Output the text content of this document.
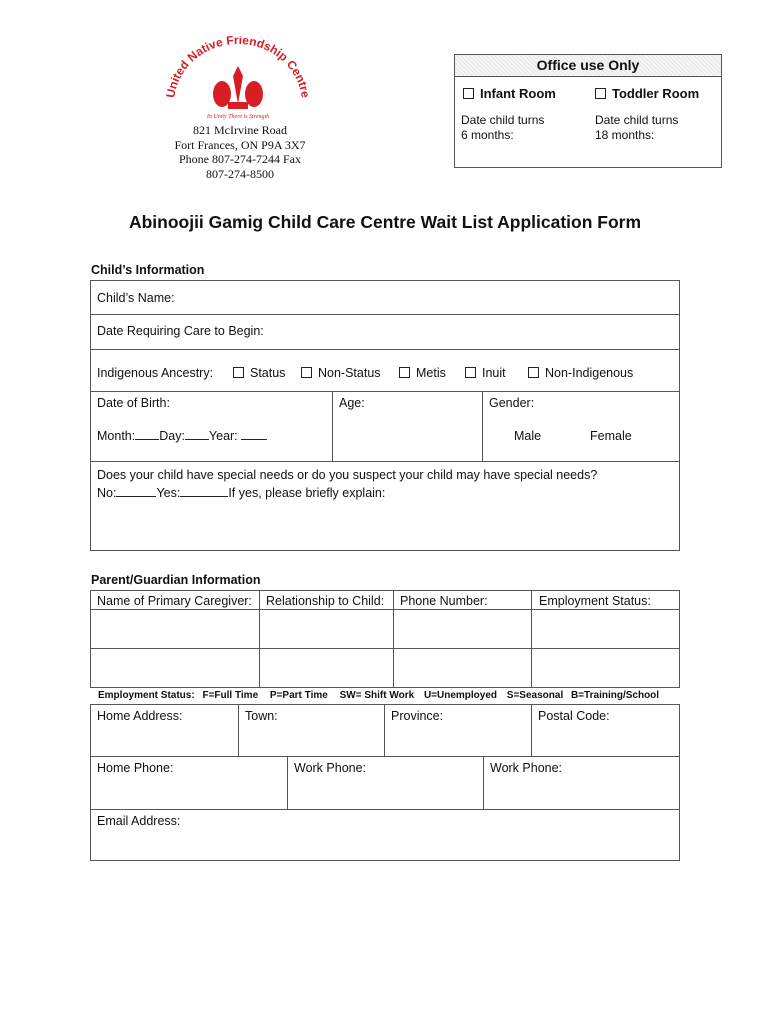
United Native Friendship Centre
In Unity There is Strength
821 McIrvine Road
Fort Frances, ON P9A 3X7
Phone 807-274-7244 Fax
807-274-8500
Office use Only
Infant Room	Toddler Room
Date child turns
6 months:
Date child turns
18 months:
Abinoojii Gamig Child Care Centre Wait List Application Form
Child’s Information
Child’s Name:
Date Requiring Care to Begin:
Indigenous Ancestry:	Status	Non-Status	Metis	Inuit	Non-Indigenous
Date of Birth:
Month: Day: Year:
Age:	Gender:
Male	Female
Does your child have special needs or do you suspect your child may have special needs?
No:	Yes:	If yes, please briefly explain:
Parent/Guardian Information
Name of Primary Caregiver:	Relationship to Child:	Phone Number:	Employment Status:
Employment Status: F=Full Time P=Part Time SW= Shift Work U=Unemployed S=Seasonal B=Training/School
Home Address:	Town:	Province:	Postal Code:
Home Phone:	Work Phone:	Work Phone:
Email Address:
